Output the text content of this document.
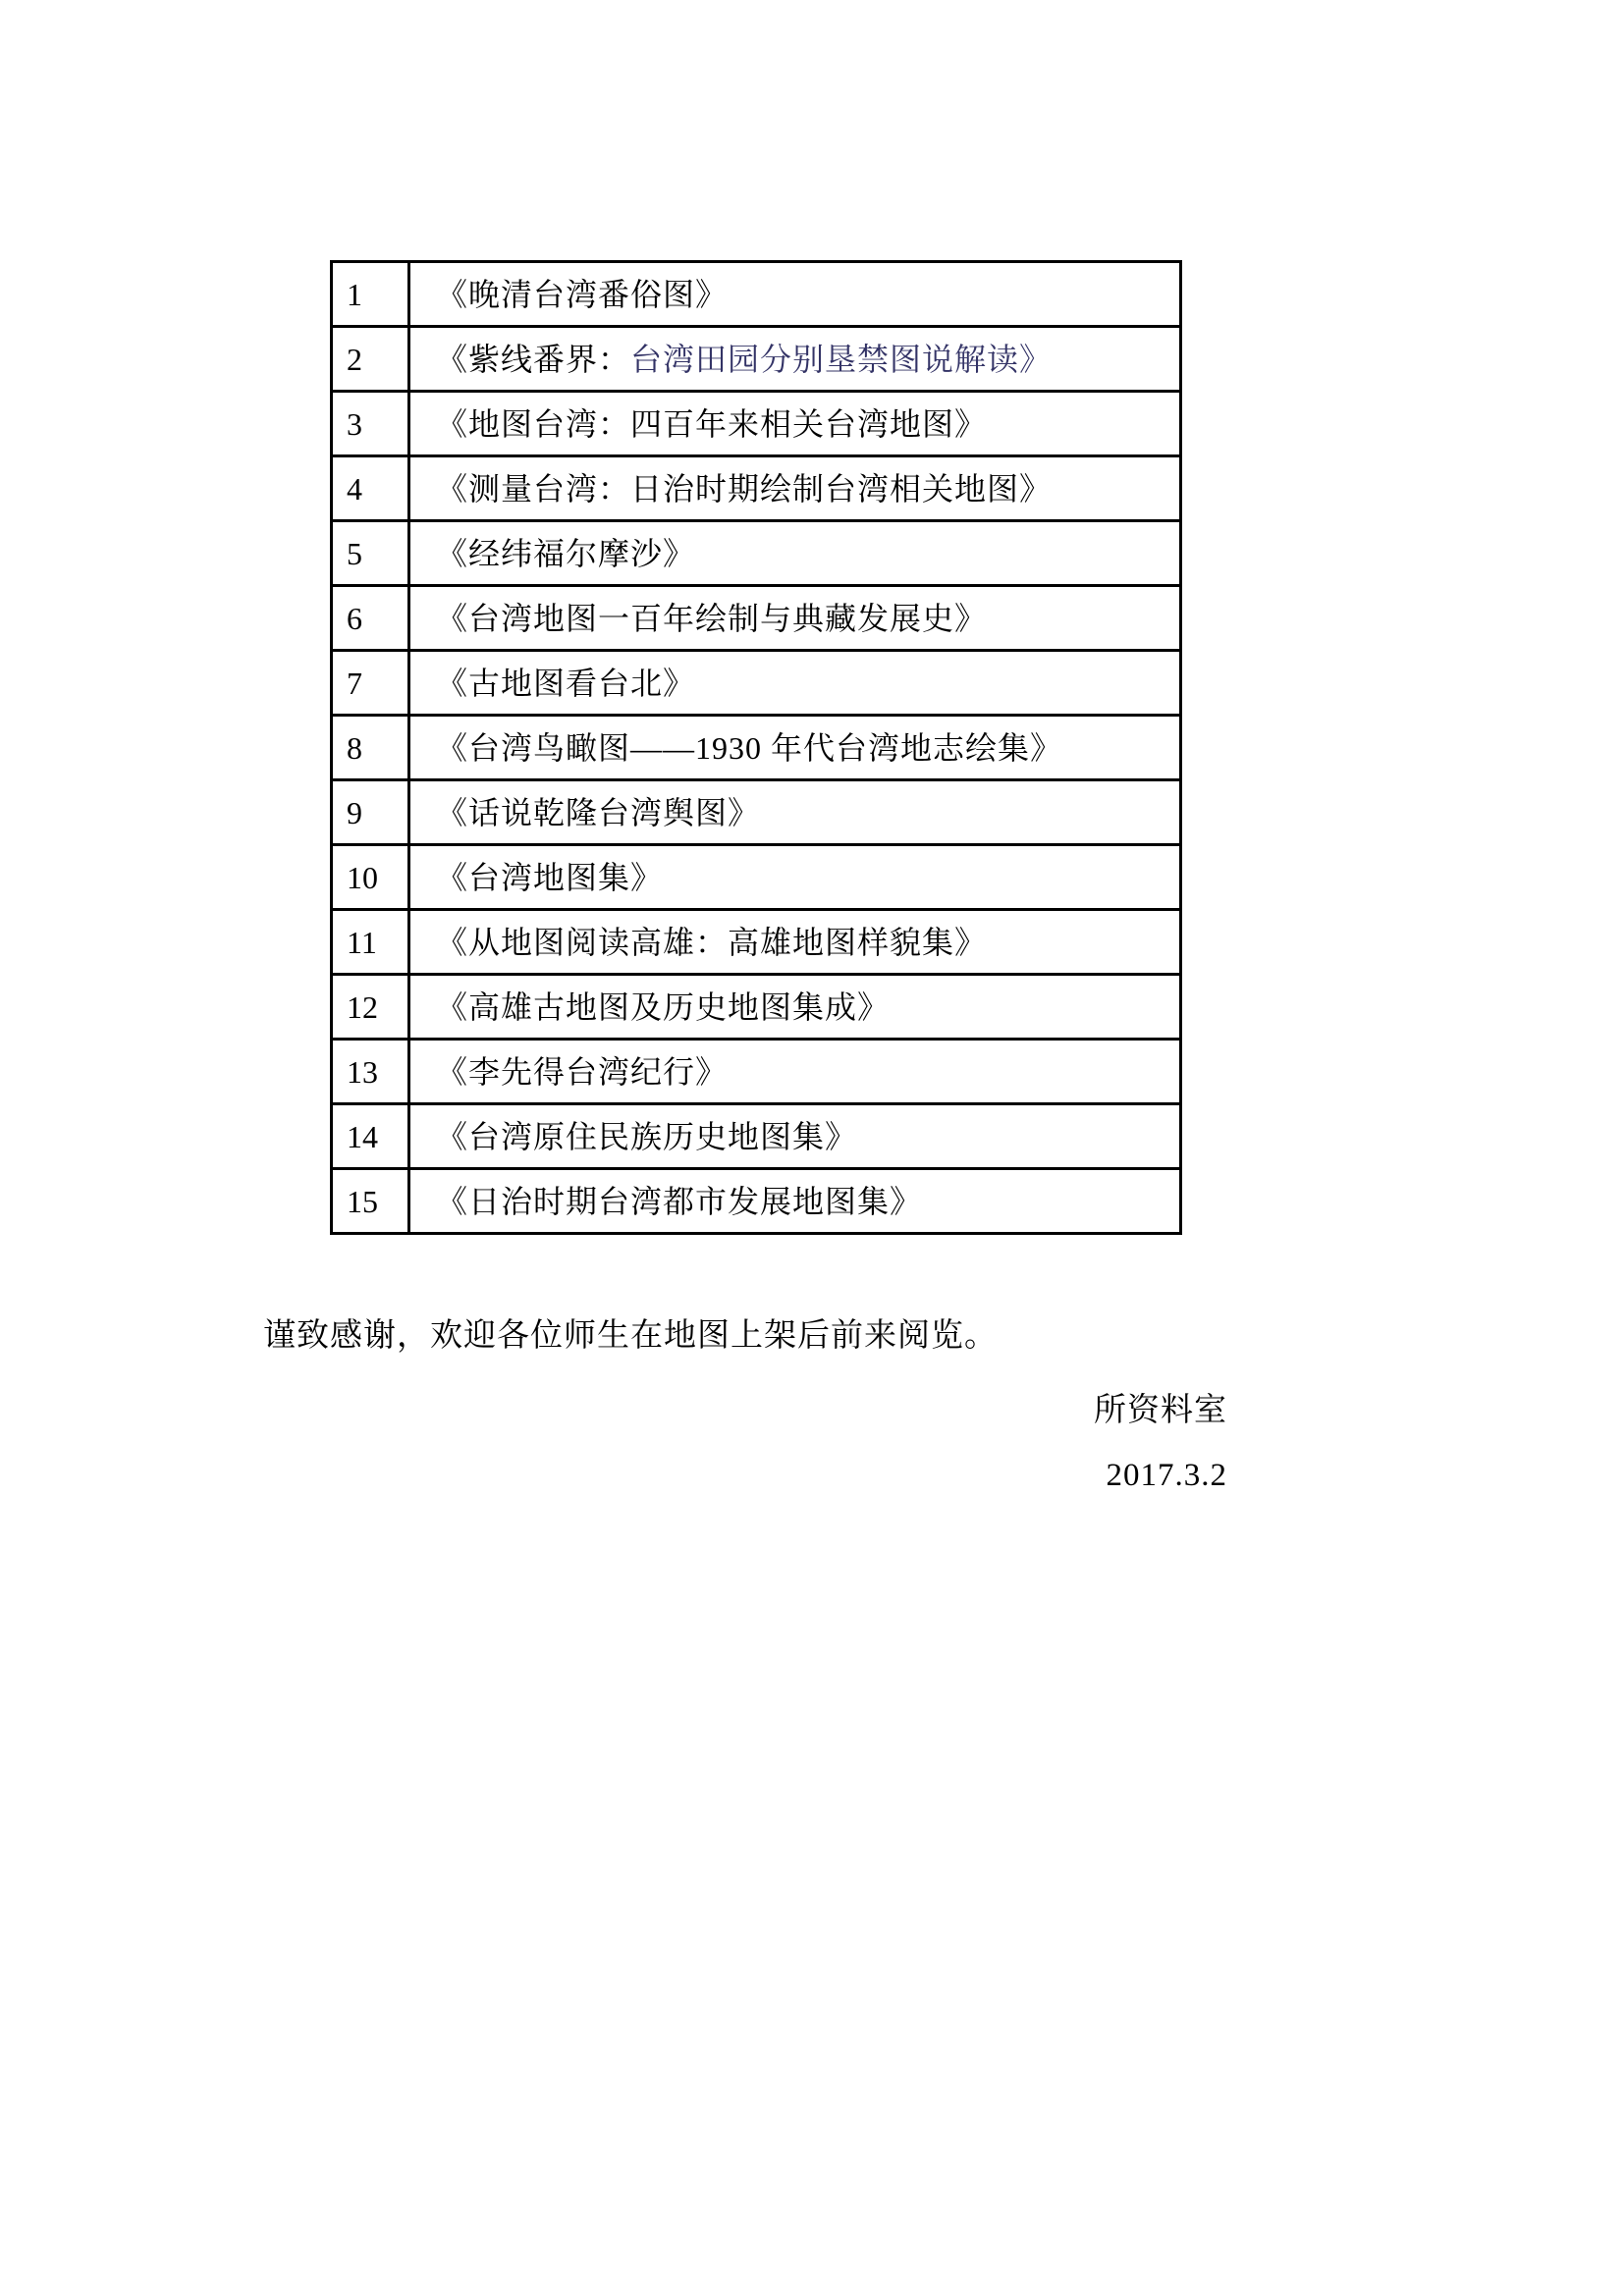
1	《晚清台湾番俗图》
2	《紫线番界：台湾田园分别垦禁图说解读》
3	《地图台湾：四百年来相关台湾地图》
4	《测量台湾：日治时期绘制台湾相关地图》
5	《经纬福尔摩沙》
6	《台湾地图一百年绘制与典藏发展史》
7	《古地图看台北》
8	《台湾鸟瞰图——1930 年代台湾地志绘集》
9	《话说乾隆台湾舆图》
10	《台湾地图集》
11	《从地图阅读高雄：高雄地图样貌集》
12	《高雄古地图及历史地图集成》
13	《李先得台湾纪行》
14	《台湾原住民族历史地图集》
15	《日治时期台湾都市发展地图集》

谨致感谢，欢迎各位师生在地图上架后前来阅览。

所资料室
2017.3.2
